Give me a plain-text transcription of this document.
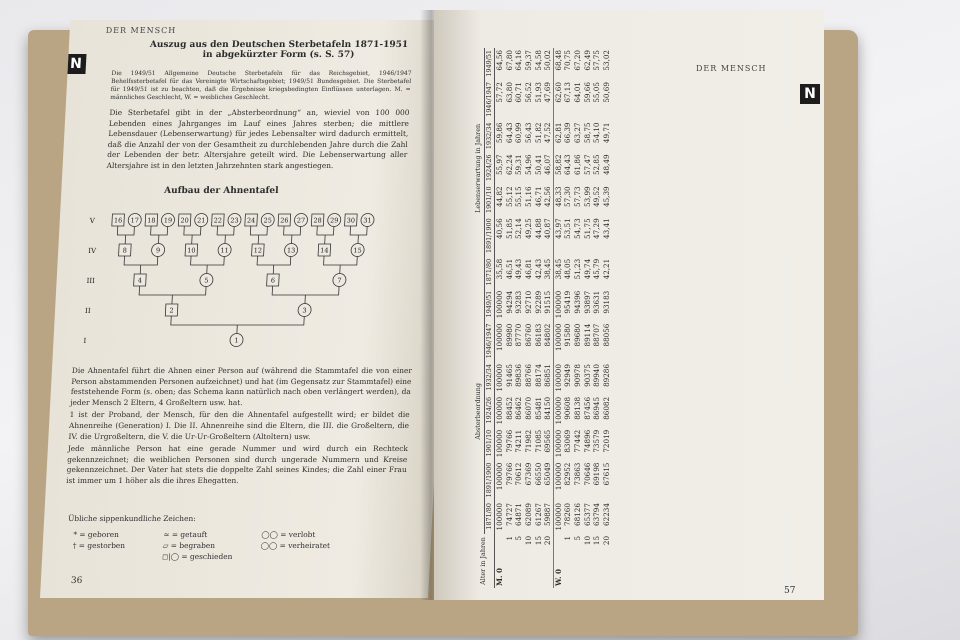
DER MENSCH
N
Auszug aus den Deutschen Sterbetafeln 1871-1951
in abgekürzter Form (s. S. 57)
Die 1949/51 Allgemeine Deutsche Sterbetafeln für das Reichsgebiet, 1946/1947 Behelfssterbetafel für das Vereinigte Wirtschaftsgebiet; 1949/51 Bundesgebiet. Die Sterbetafel für 1949/51 ist zu beachten, daß die Ergebnisse kriegsbedingten Einflüssen unterlagen. M. = männliches Geschlecht, W. = weibliches Geschlecht.
Die Sterbetafel gibt in der „Absterbeordnung“ an, wieviel von 100 000 Lebenden eines Jahrganges im Lauf eines Jahres sterben; die mittlere Lebensdauer (Lebenserwartung) für jedes Lebensalter wird dadurch ermittelt, daß die Anzahl der von der Gesamtheit zu durchlebenden Jahre durch die Zahl der Lebenden der betr. Altersjahre geteilt wird. Die Lebenserwartung aller Altersjahre ist in den letzten Jahrzehnten stark angestiegen.
Aufbau der Ahnentafel
16 17 18 19 20 21 22 23 24 25 26 27 28 29 30 31
8	9	10	11	12	13	14	15
4	5	6	7
2	3
1
V
IV
III
II
I

Die Ahnentafel führt die Ahnen einer Person auf (während die Stammtafel die von einer Person abstammenden Personen aufzeichnet) und hat (im Gegensatz zur Stammtafel) eine feststehende Form (s. oben; das Schema kann natürlich nach oben verlängert werden), da jeder Mensch 2 Eltern, 4 Großeltern usw. hat.

1 ist der Proband, der Mensch, für den die Ahnentafel aufgestellt wird; er bildet die Ahnenreihe (Generation) I. Die II. Ahnenreihe sind die Eltern, die III. die Großeltern, die IV. die Urgroßeltern, die V. die Ur-Ur-Großeltern (Altoltern) usw.

Jede männliche Person hat eine gerade Nummer und wird durch ein Rechteck gekennzeichnet; die weiblichen Personen sind durch ungerade Nummern und Kreise gekennzeichnet. Der Vater hat stets die doppelte Zahl seines Kindes; die Zahl einer Frau ist immer um 1 höher als die ihres Ehegatten.

Übliche sippenkundliche Zeichen:
* = geboren
† = gestorben
≈ = getauft
▱ = begraben
◻|◯ = geschieden
◯◯ = verlobt
◯◯ = verheiratet
36
DER MENSCH
N
Alter in Jahren	Absterbeordnung							Lebenserwartung in Jahren						
	1871/80	1891/1900	1901/10	1924/26	1932/34	1946/1947	1949/51	1871/80	1891/1900	1901/10	1924/26	1932/34	1946/1947	1949/51
M. 0	100000	100000	100000	100000	100000	100000	100000	35,58	40,56	44,82	55,97	59,86	57,72	64,56
1	74727	79766	79766	88452	91465	89980	94294	46,51	51,85	55,12	62,24	64,43	63,80	67,80
5	64871	70612	74211	86462	89836	87770	93283	49,43	52,14	55,15	59,31	60,99	60,71	64,16
10	62089	67369	71982	86070	88766	86760	92710	46,81	49,25	51,16	54,96	56,43	56,52	59,37
15	61267	66550	71085	85481	88174	86183	92289	42,43	44,88	46,71	50,41	51,82	51,93	54,58
20	59887	65049	69565	84150	86851	84802	91515	38,45	40,87	42,56	46,07	47,52	47,69	50,02
W. 0	100000	100000	100000	100000	100000	100000	100000	38,45	43,97	48,33	58,82	62,81	62,60	68,48
1	78260	82952	83069	90608	92949	91580	95419	48,05	53,51	57,30	64,43	66,39	67,13	70,75
5	68126	73863	77442	88138	90978	89680	94396	51,23	54,73	57,73	61,86	63,27	64,01	67,20
10	65377	70646	74896	87456	90375	89114	93897	49,74	51,75	53,99	57,47	58,75	59,66	62,49
15	63794	69198	73579	86945	89940	88707	93631	45,79	47,29	49,52	52,85	54,10	55,05	57,75
20	62234	67615	72019	86082	89286	88056	93183	42,21	43,41	45,39	48,49	49,71	50,69	53,02
57
